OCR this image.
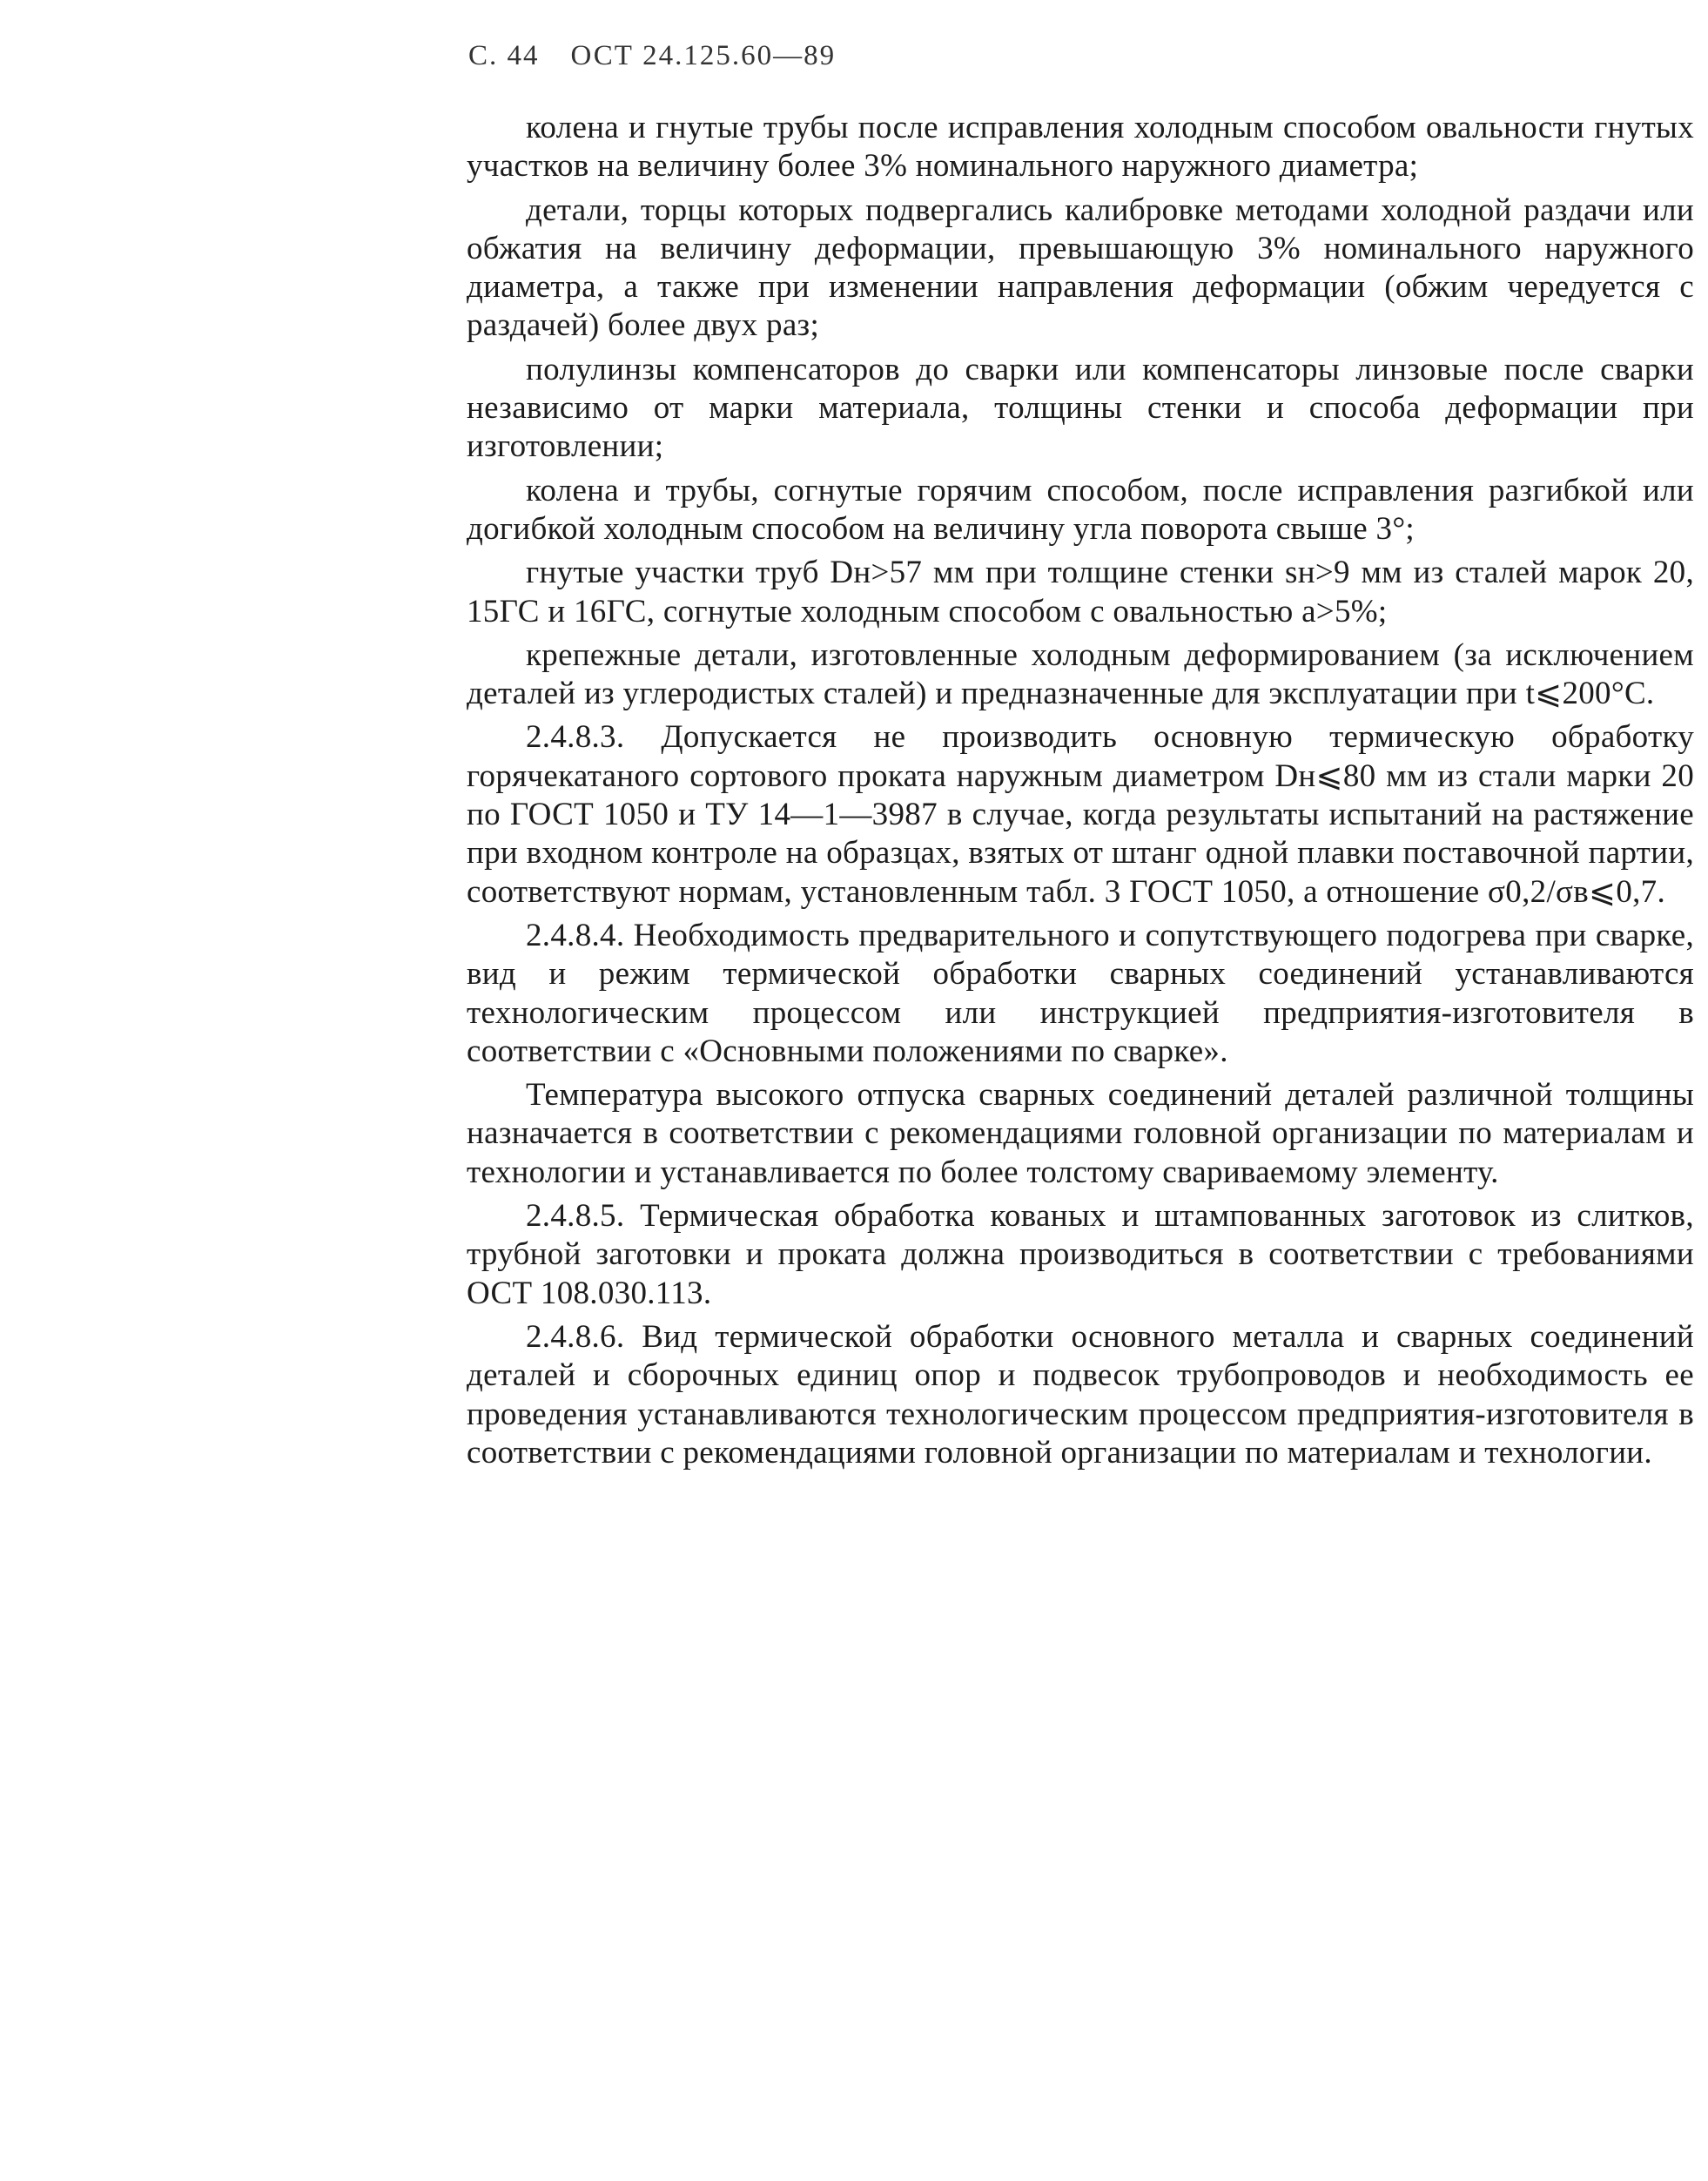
С. 44 ОСТ 24.125.60—89

колена и гнутые трубы после исправления холодным способом овальности гнутых участков на величину более 3% номинального наружного диаметра;

детали, торцы которых подвергались калибровке методами холодной раздачи или обжатия на величину деформации, превышающую 3% номинального наружного диаметра, а также при изменении направления деформации (обжим чередуется с раздачей) более двух раз;

полулинзы компенсаторов до сварки или компенсаторы линзовые после сварки независимо от марки материала, толщины стенки и способа деформации при изготовлении;

колена и трубы, согнутые горячим способом, после исправления разгибкой или догибкой холодным способом на величину угла поворота свыше 3°;

гнутые участки труб Dн>57 мм при толщине стенки sн>9 мм из сталей марок 20, 15ГС и 16ГС, согнутые холодным способом с овальностью a>5%;

крепежные детали, изготовленные холодным деформированием (за исключением деталей из углеродистых сталей) и предназначенные для эксплуатации при t⩽200°С.

2.4.8.3. Допускается не производить основную термическую обработку горячекатаного сортового проката наружным диаметром Dн⩽80 мм из стали марки 20 по ГОСТ 1050 и ТУ 14—1—3987 в случае, когда результаты испытаний на растяжение при входном контроле на образцах, взятых от штанг одной плавки поставочной партии, соответствуют нормам, установленным табл. 3 ГОСТ 1050, а отношение σ0,2/σв⩽0,7.

2.4.8.4. Необходимость предварительного и сопутствующего подогрева при сварке, вид и режим термической обработки сварных соединений устанавливаются технологическим процессом или инструкцией предприятия-изготовителя в соответствии с «Основными положениями по сварке».

Температура высокого отпуска сварных соединений деталей различной толщины назначается в соответствии с рекомендациями головной организации по материалам и технологии и устанавливается по более толстому свариваемому элементу.

2.4.8.5. Термическая обработка кованых и штампованных заготовок из слитков, трубной заготовки и проката должна производиться в соответствии с требованиями ОСТ 108.030.113.

2.4.8.6. Вид термической обработки основного металла и сварных соединений деталей и сборочных единиц опор и подвесок трубопроводов и необходимость ее проведения устанавливаются технологическим процессом предприятия-изготовителя в соответствии с рекомендациями головной организации по материалам и технологии.
